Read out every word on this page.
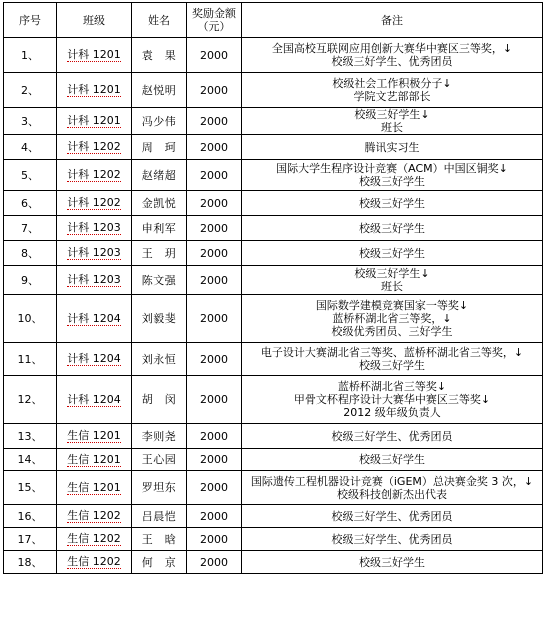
序号	班级	姓名	奖励金额
（元）	备注
1、	计科 1201	袁　果	2000	全国高校互联网应用创新大赛华中赛区三等奖，↓
校级三好学生、优秀团员

2、	计科 1201	赵悦明	2000	校级社会工作积极分子↓
学院文艺部部长

3、	计科 1201	冯少伟	2000	校级三好学生↓
班长

4、	计科 1202	周　珂	2000	腾讯实习生

5、	计科 1202	赵绪超	2000	国际大学生程序设计竞赛（ACM）中国区铜奖↓
校级三好学生

6、	计科 1202	金凯悦	2000	校级三好学生

7、	计科 1203	申利军	2000	校级三好学生

8、	计科 1203	王　玥	2000	校级三好学生

9、	计科 1203	陈文强	2000	校级三好学生↓
班长

10、	计科 1204	刘毅斐	2000	国际数学建模竞赛国家一等奖↓
蓝桥杯湖北省三等奖，↓
校级优秀团员、三好学生

11、	计科 1204	刘永恒	2000	电子设计大赛湖北省三等奖、蓝桥杯湖北省三等奖，↓
校级三好学生

12、	计科 1204	胡　闵	2000	蓝桥杯湖北省三等奖↓
甲骨文杯程序设计大赛华中赛区三等奖↓
2012 级年级负责人

13、	生信 1201	李则尧	2000	校级三好学生、优秀团员

14、	生信 1201	王心园	2000	校级三好学生

15、	生信 1201	罗坦东	2000	国际遗传工程机器设计竞赛（iGEM）总决赛金奖 3 次，↓
校级科技创新杰出代表

16、	生信 1202	吕晨恺	2000	校级三好学生、优秀团员

17、	生信 1202	王　晗	2000	校级三好学生、优秀团员

18、	生信 1202	何　京	2000	校级三好学生
